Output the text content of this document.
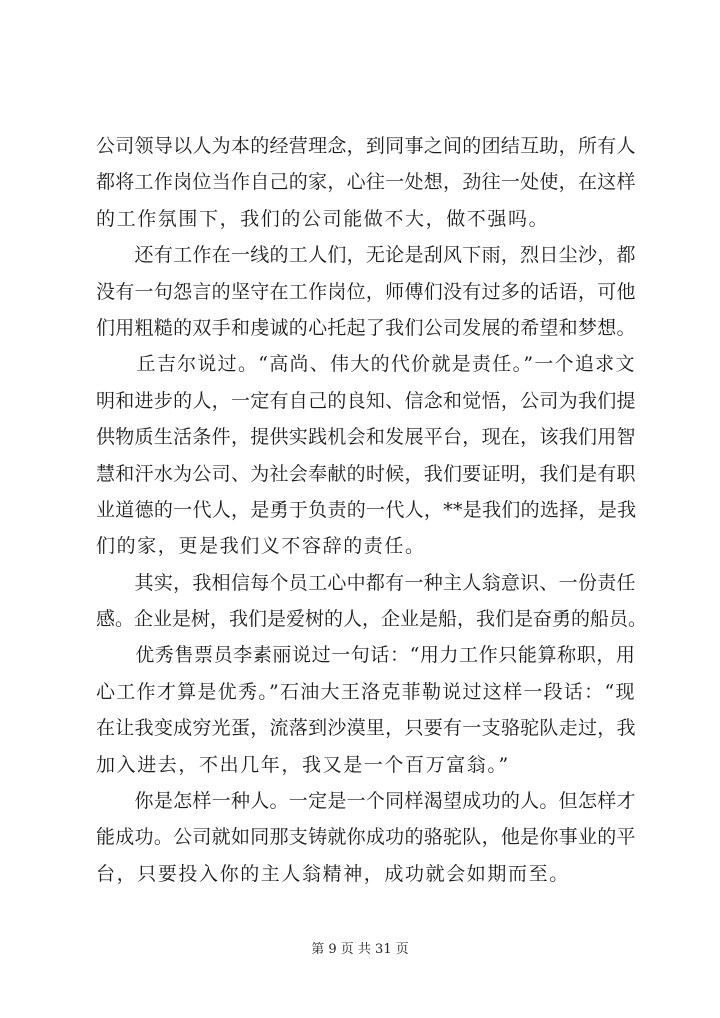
公司领导以人为本的经营理念，到同事之间的团结互助，所有人
都将工作岗位当作自己的家，心往一处想，劲往一处使，在这样
的工作氛围下，我们的公司能做不大，做不强吗。
　　还有工作在一线的工人们，无论是刮风下雨，烈日尘沙，都
没有一句怨言的坚守在工作岗位，师傅们没有过多的话语，可他
们用粗糙的双手和虔诚的心托起了我们公司发展的希望和梦想。
　　丘吉尔说过。“高尚、伟大的代价就是责任。”一个追求文
明和进步的人，一定有自己的良知、信念和觉悟，公司为我们提
供物质生活条件，提供实践机会和发展平台，现在，该我们用智
慧和汗水为公司、为社会奉献的时候，我们要证明，我们是有职
业道德的一代人，是勇于负责的一代人，**是我们的选择，是我
们的家，更是我们义不容辞的责任。
　　其实，我相信每个员工心中都有一种主人翁意识、一份责任
感。企业是树，我们是爱树的人，企业是船，我们是奋勇的船员。
　　优秀售票员李素丽说过一句话：“用力工作只能算称职，用
心工作才算是优秀。”石油大王洛克菲勒说过这样一段话：“现
在让我变成穷光蛋，流落到沙漠里，只要有一支骆驼队走过，我
加入进去，不出几年，我又是一个百万富翁。”
　　你是怎样一种人。一定是一个同样渴望成功的人。但怎样才
能成功。公司就如同那支铸就你成功的骆驼队，他是你事业的平
台，只要投入你的主人翁精神，成功就会如期而至。
第 9 页 共 31 页
